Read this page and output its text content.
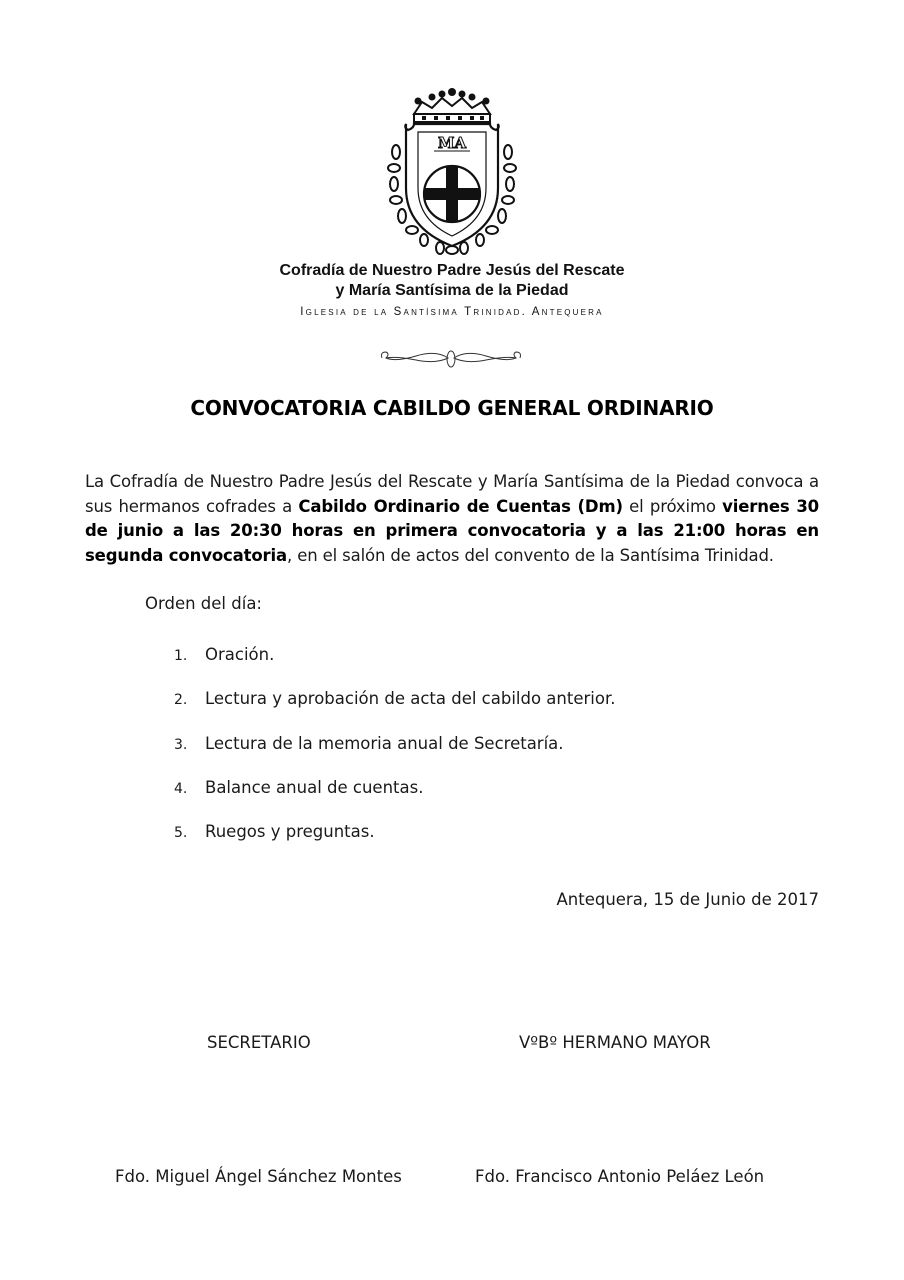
MA
Cofradía de Nuestro Padre Jesús del Rescate
y María Santísima de la Piedad
Iglesia de la Santísima Trinidad. Antequera
CONVOCATORIA CABILDO GENERAL ORDINARIO
La Cofradía de Nuestro Padre Jesús del Rescate y María Santísima de la Piedad convoca a sus hermanos cofrades a Cabildo Ordinario de Cuentas (Dm) el próximo viernes 30 de junio a las 20:30 horas en primera convocatoria y a las 21:00 horas en segunda convocatoria, en el salón de actos del convento de la Santísima Trinidad.
Orden del día:
1. Oración.
2. Lectura y aprobación de acta del cabildo anterior.
3. Lectura de la memoria anual de Secretaría.
4. Balance anual de cuentas.
5. Ruegos y preguntas.
Antequera, 15 de Junio de 2017
SECRETARIO	VºBº HERMANO MAYOR
Fdo. Miguel Ángel Sánchez Montes	Fdo. Francisco Antonio Peláez León
